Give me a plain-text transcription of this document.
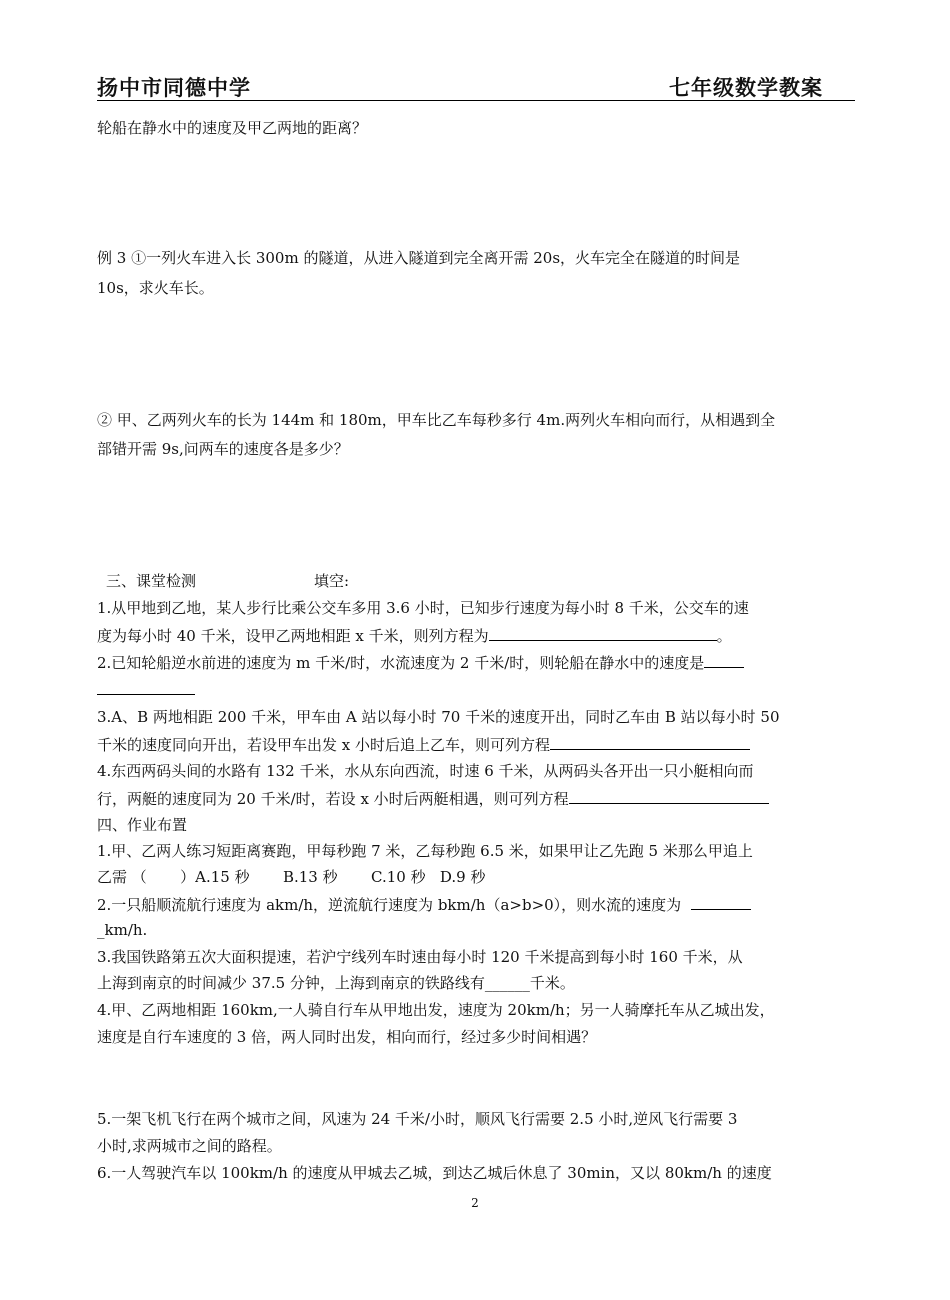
扬中市同德中学	七年级数学教案
轮船在静水中的速度及甲乙两地的距离？
例 3 ①一列火车进入长 300m 的隧道，从进入隧道到完全离开需 20s，火车完全在隧道的时间是
10s，求火车长。
② 甲、乙两列火车的长为 144m 和 180m，甲车比乙车每秒多行 4m.两列火车相向而行，从相遇到全
部错开需 9s,问两车的速度各是多少？
三、课堂检测	填空:
1.从甲地到乙地，某人步行比乘公交车多用 3.6 小时，已知步行速度为每小时 8 千米，公交车的速
度为每小时 40 千米，设甲乙两地相距 x 千米，则列方程为	。
2.已知轮船逆水前进的速度为 m 千米/时，水流速度为 2 千米/时，则轮船在静水中的速度是
3.A、B 两地相距 200 千米，甲车由 A 站以每小时 70 千米的速度开出，同时乙车由 B 站以每小时 50
千米的速度同向开出，若设甲车出发 x 小时后追上乙车，则可列方程
4.东西两码头间的水路有 132 千米，水从东向西流，时速 6 千米，从两码头各开出一只小艇相向而
行，两艇的速度同为 20 千米/时，若设 x 小时后两艇相遇，则可列方程
四、作业布置
1.甲、乙两人练习短距离赛跑，甲每秒跑 7 米，乙每秒跑 6.5 米，如果甲让乙先跑 5 米那么甲追上
乙需 （       ）A.15 秒       B.13 秒       C.10 秒   D.9 秒
2.一只船顺流航行速度为 akm/h，逆流航行速度为 bkm/h（a>b>0），则水流的速度为
_km/h.
3.我国铁路第五次大面积提速，若沪宁线列车时速由每小时 120 千米提高到每小时 160 千米，从
上海到南京的时间减少 37.5 分钟，上海到南京的铁路线有______千米。
4.甲、乙两地相距 160km,一人骑自行车从甲地出发，速度为 20km/h；另一人骑摩托车从乙城出发，
速度是自行车速度的 3 倍，两人同时出发，相向而行，经过多少时间相遇？
5.一架飞机飞行在两个城市之间，风速为 24 千米/小时，顺风飞行需要 2.5 小时,逆风飞行需要 3
小时,求两城市之间的路程。
6.一人驾驶汽车以 100km/h 的速度从甲城去乙城，到达乙城后休息了 30min，又以 80km/h 的速度
2
